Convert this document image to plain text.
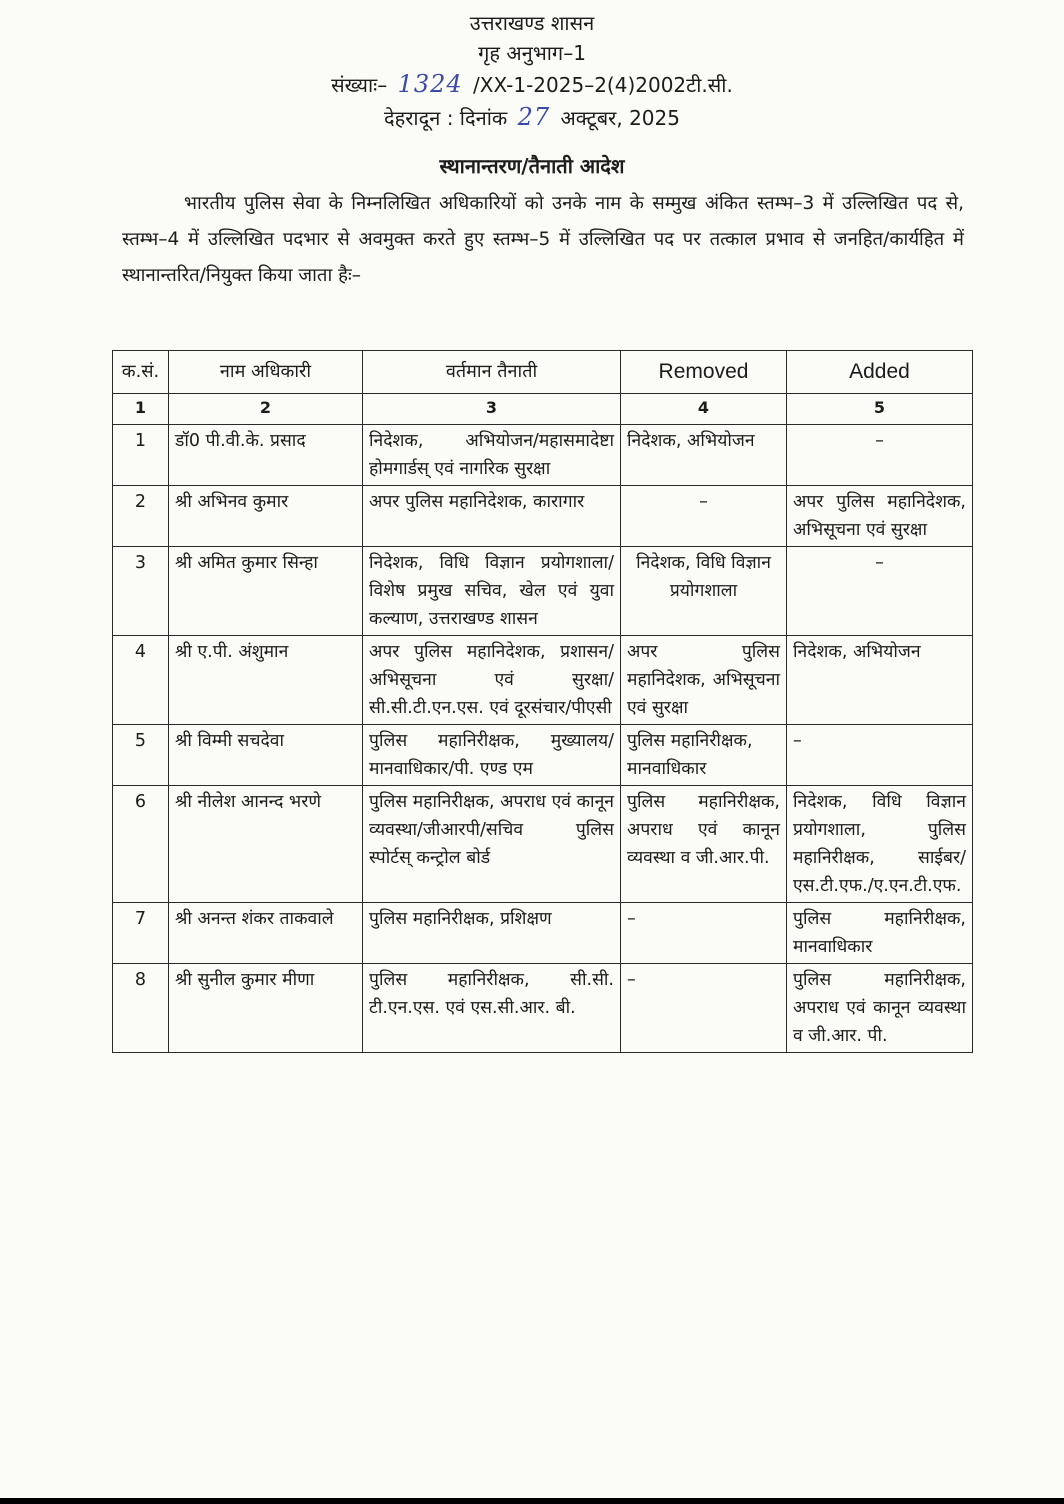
उत्तराखण्ड शासन
गृह अनुभाग–1
संख्याः– 1324 /XX-1-2025–2(4)2002टी.सी.
देहरादून : दिनांक 27 अक्टूबर, 2025
स्थानान्तरण/तैनाती आदेश
भारतीय पुलिस सेवा के निम्नलिखित अधिकारियों को उनके नाम के सम्मुख अंकित स्तम्भ–3 में उल्लिखित पद से, स्तम्भ–4 में उल्लिखित पदभार से अवमुक्त करते हुए स्तम्भ–5 में उल्लिखित पद पर तत्काल प्रभाव से जनहित/कार्यहित में स्थानान्तरित/नियुक्त किया जाता हैः–
क.सं.	नाम अधिकारी	वर्तमान तैनाती	Removed	Added
1	2	3	4	5
1	डॉ0 पी.वी.के. प्रसाद	निदेशक, अभियोजन/महासमादेष्टा होमगार्डस् एवं नागरिक सुरक्षा	निदेशक, अभियोजन	–
2	श्री अभिनव कुमार	अपर पुलिस महानिदेशक, कारागार	–	अपर पुलिस महानिदेशक, अभिसूचना एवं सुरक्षा
3	श्री अमित कुमार सिन्हा	निदेशक, विधि विज्ञान प्रयोगशाला/विशेष प्रमुख सचिव, खेल एवं युवा कल्याण, उत्तराखण्ड शासन	निदेशक, विधि विज्ञान प्रयोगशाला	–
4	श्री ए.पी. अंशुमान	अपर पुलिस महानिदेशक, प्रशासन/अभिसूचना एवं सुरक्षा/सी.सी.टी.एन.एस. एवं दूरसंचार/पीएसी	अपर पुलिस महानिदेशक, अभिसूचना एवं सुरक्षा	निदेशक, अभियोजन
5	श्री विम्मी सचदेवा	पुलिस महानिरीक्षक, मुख्यालय/मानवाधिकार/पी. एण्ड एम	पुलिस महानिरीक्षक, मानवाधिकार	–
6	श्री नीलेश आनन्द भरणे	पुलिस महानिरीक्षक, अपराध एवं कानून व्यवस्था/जीआरपी/सचिव पुलिस स्पोर्टस् कन्ट्रोल बोर्ड	पुलिस महानिरीक्षक, अपराध एवं कानून व्यवस्था व जी.आर.पी.	निदेशक, विधि विज्ञान प्रयोगशाला, पुलिस महानिरीक्षक, साईबर/एस.टी.एफ./ए.एन.टी.एफ.
7	श्री अनन्त शंकर ताकवाले	पुलिस महानिरीक्षक, प्रशिक्षण	–	पुलिस महानिरीक्षक, मानवाधिकार
8	श्री सुनील कुमार मीणा	पुलिस महानिरीक्षक, सी.सी. टी.एन.एस. एवं एस.सी.आर. बी.	–	पुलिस महानिरीक्षक, अपराध एवं कानून व्यवस्था व जी.आर. पी.
